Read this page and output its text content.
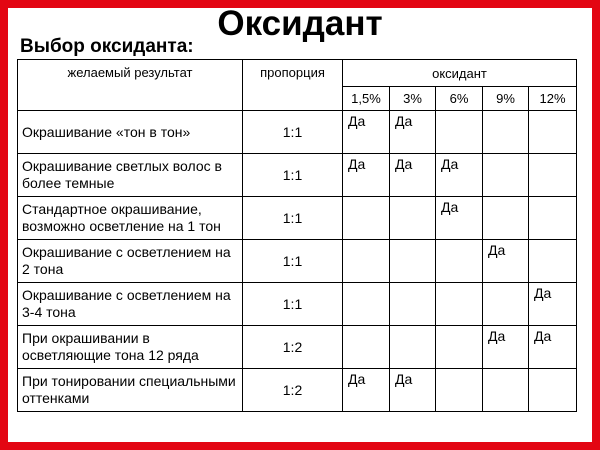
Оксидант
Выбор оксиданта:
желаемый результат	пропорция	оксидант				
		1,5%	3%	6%	9%	12%
Окрашивание «тон в тон»	1:1	Да	Да			
Окрашивание светлых волос в более темные	1:1	Да	Да	Да		
Стандартное окрашивание, возможно осветление на 1 тон	1:1			Да		
Окрашивание с осветлением на 2 тона	1:1				Да	
Окрашивание с осветлением на 3-4 тона	1:1					Да
При окрашивании в осветляющие тона 12 ряда	1:2				Да	Да
При тонировании специальными оттенками	1:2	Да	Да			
